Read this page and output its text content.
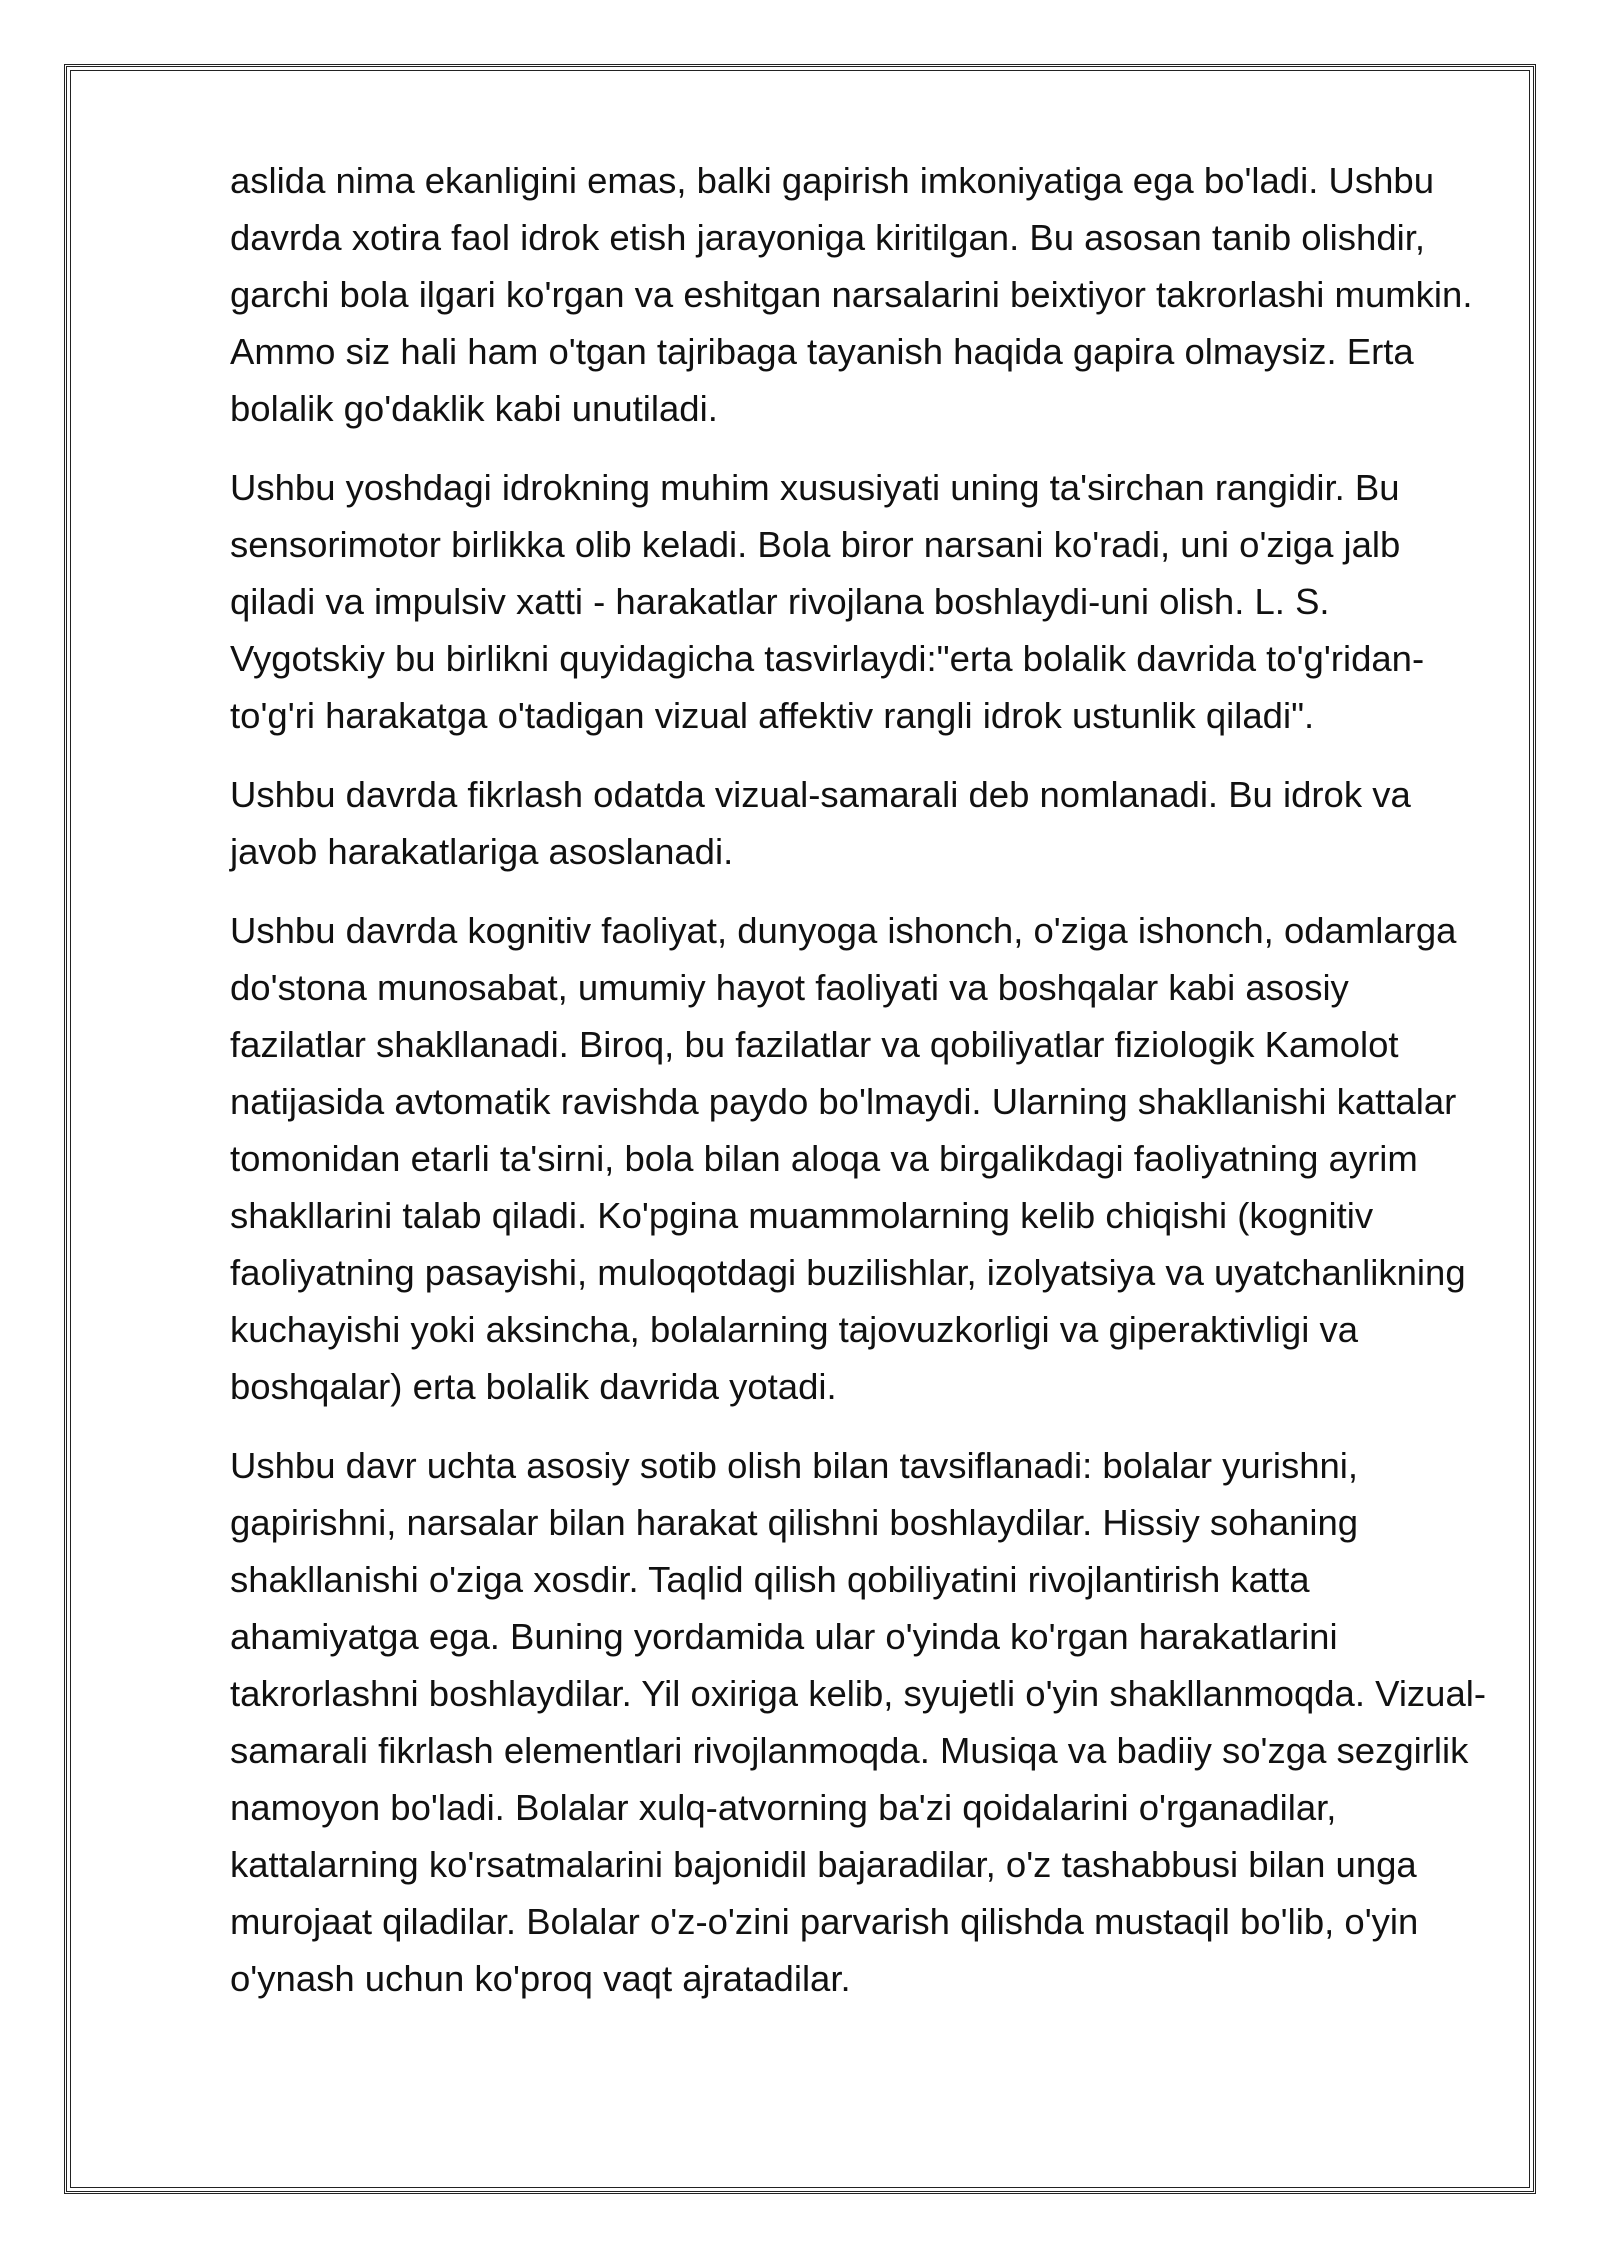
aslida nima ekanligini emas, balki gapirish imkoniyatiga ega bo'ladi. Ushbu davrda xotira faol idrok etish jarayoniga kiritilgan. Bu asosan tanib olishdir, garchi bola ilgari ko'rgan va eshitgan narsalarini beixtiyor takrorlashi mumkin. Ammo siz hali ham o'tgan tajribaga tayanish haqida gapira olmaysiz. Erta bolalik go'daklik kabi unutiladi.

Ushbu yoshdagi idrokning muhim xususiyati uning ta'sirchan rangidir. Bu sensorimotor birlikka olib keladi. Bola biror narsani ko'radi, uni o'ziga jalb qiladi va impulsiv xatti - harakatlar rivojlana boshlaydi-uni olish. L. S. Vygotskiy bu birlikni quyidagicha tasvirlaydi:"erta bolalik davrida to'g'ridan-to'g'ri harakatga o'tadigan vizual affektiv rangli idrok ustunlik qiladi".

Ushbu davrda fikrlash odatda vizual-samarali deb nomlanadi. Bu idrok va javob harakatlariga asoslanadi.

Ushbu davrda kognitiv faoliyat, dunyoga ishonch, o'ziga ishonch, odamlarga do'stona munosabat, umumiy hayot faoliyati va boshqalar kabi asosiy fazilatlar shakllanadi. Biroq, bu fazilatlar va qobiliyatlar fiziologik Kamolot natijasida avtomatik ravishda paydo bo'lmaydi. Ularning shakllanishi kattalar tomonidan etarli ta'sirni, bola bilan aloqa va birgalikdagi faoliyatning ayrim shakllarini talab qiladi. Ko'pgina muammolarning kelib chiqishi (kognitiv faoliyatning pasayishi, muloqotdagi buzilishlar, izolyatsiya va uyatchanlikning kuchayishi yoki aksincha, bolalarning tajovuzkorligi va giperaktivligi va boshqalar) erta bolalik davrida yotadi.

Ushbu davr uchta asosiy sotib olish bilan tavsiflanadi: bolalar yurishni, gapirishni, narsalar bilan harakat qilishni boshlaydilar. Hissiy sohaning shakllanishi o'ziga xosdir. Taqlid qilish qobiliyatini rivojlantirish katta ahamiyatga ega. Buning yordamida ular o'yinda ko'rgan harakatlarini takrorlashni boshlaydilar. Yil oxiriga kelib, syujetli o'yin shakllanmoqda. Vizual-samarali fikrlash elementlari rivojlanmoqda. Musiqa va badiiy so'zga sezgirlik namoyon bo'ladi. Bolalar xulq-atvorning ba'zi qoidalarini o'rganadilar, kattalarning ko'rsatmalarini bajonidil bajaradilar, o'z tashabbusi bilan unga murojaat qiladilar. Bolalar o'z-o'zini parvarish qilishda mustaqil bo'lib, o'yin o'ynash uchun ko'proq vaqt ajratadilar.
